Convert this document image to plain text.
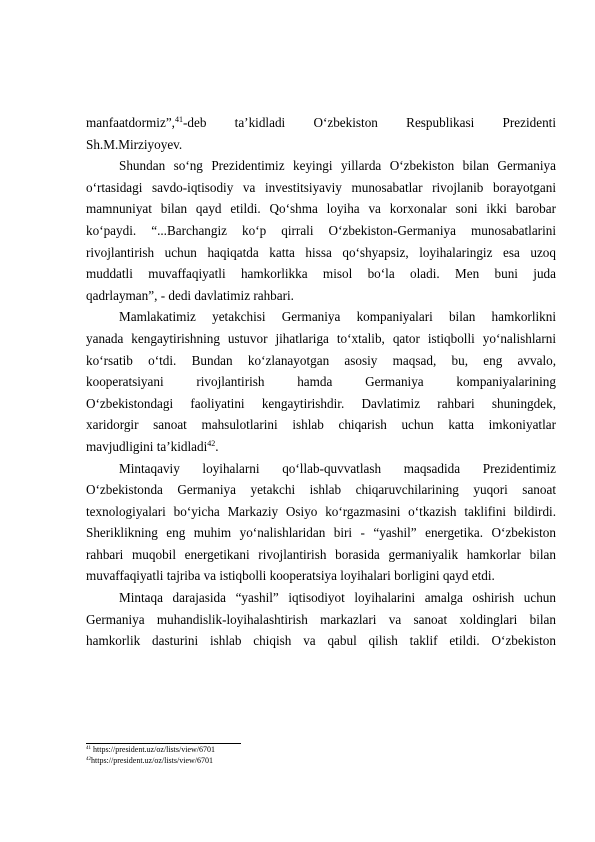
manfaatdormiz”,$^{41}$-deb ta’kidladi O‘zbekiston Respublikasi Prezidenti
Sh.M.Mirziyoyev.
Shundan so‘ng Prezidentimiz keyingi yillarda O‘zbekiston bilan Germaniya
o‘rtasidagi savdo-iqtisodiy va investitsiyaviy munosabatlar rivojlanib borayotgani
mamnuniyat bilan qayd etildi. Qo‘shma loyiha va korxonalar soni ikki barobar
ko‘paydi. “...Barchangiz ko‘p qirrali O‘zbekiston-Germaniya munosabatlarini
rivojlantirish uchun haqiqatda katta hissa qo‘shyapsiz, loyihalaringiz esa uzoq
muddatli muvaffaqiyatli hamkorlikka misol bo‘la oladi. Men buni juda
qadrlayman”, - dedi davlatimiz rahbari.
Mamlakatimiz yetakchisi Germaniya kompaniyalari bilan hamkorlikni
yanada kengaytirishning ustuvor jihatlariga to‘xtalib, qator istiqbolli yo‘nalishlarni
ko‘rsatib o‘tdi. Bundan ko‘zlanayotgan asosiy maqsad, bu, eng avvalo,
kooperatsiyani rivojlantirish hamda Germaniya kompaniyalarining
O‘zbekistondagi faoliyatini kengaytirishdir. Davlatimiz rahbari shuningdek,
xaridorgir sanoat mahsulotlarini ishlab chiqarish uchun katta imkoniyatlar
mavjudligini ta’kidladi$^{42}$.
Mintaqaviy loyihalarni qo‘llab-quvvatlash maqsadida Prezidentimiz
O‘zbekistonda Germaniya yetakchi ishlab chiqaruvchilarining yuqori sanoat
texnologiyalari bo‘yicha Markaziy Osiyo ko‘rgazmasini o‘tkazish taklifini bildirdi.
Sheriklikning eng muhim yo‘nalishlaridan biri - “yashil” energetika. O‘zbekiston
rahbari muqobil energetikani rivojlantirish borasida germaniyalik hamkorlar bilan
muvaffaqiyatli tajriba va istiqbolli kooperatsiya loyihalari borligini qayd etdi.
Mintaqa darajasida “yashil” iqtisodiyot loyihalarini amalga oshirish uchun
Germaniya muhandislik-loyihalashtirish markazlari va sanoat xoldinglari bilan
hamkorlik dasturini ishlab chiqish va qabul qilish taklif etildi. O‘zbekiston
$^{41}$ https://president.uz/oz/lists/view/6701
$^{42}$https://president.uz/oz/lists/view/6701
